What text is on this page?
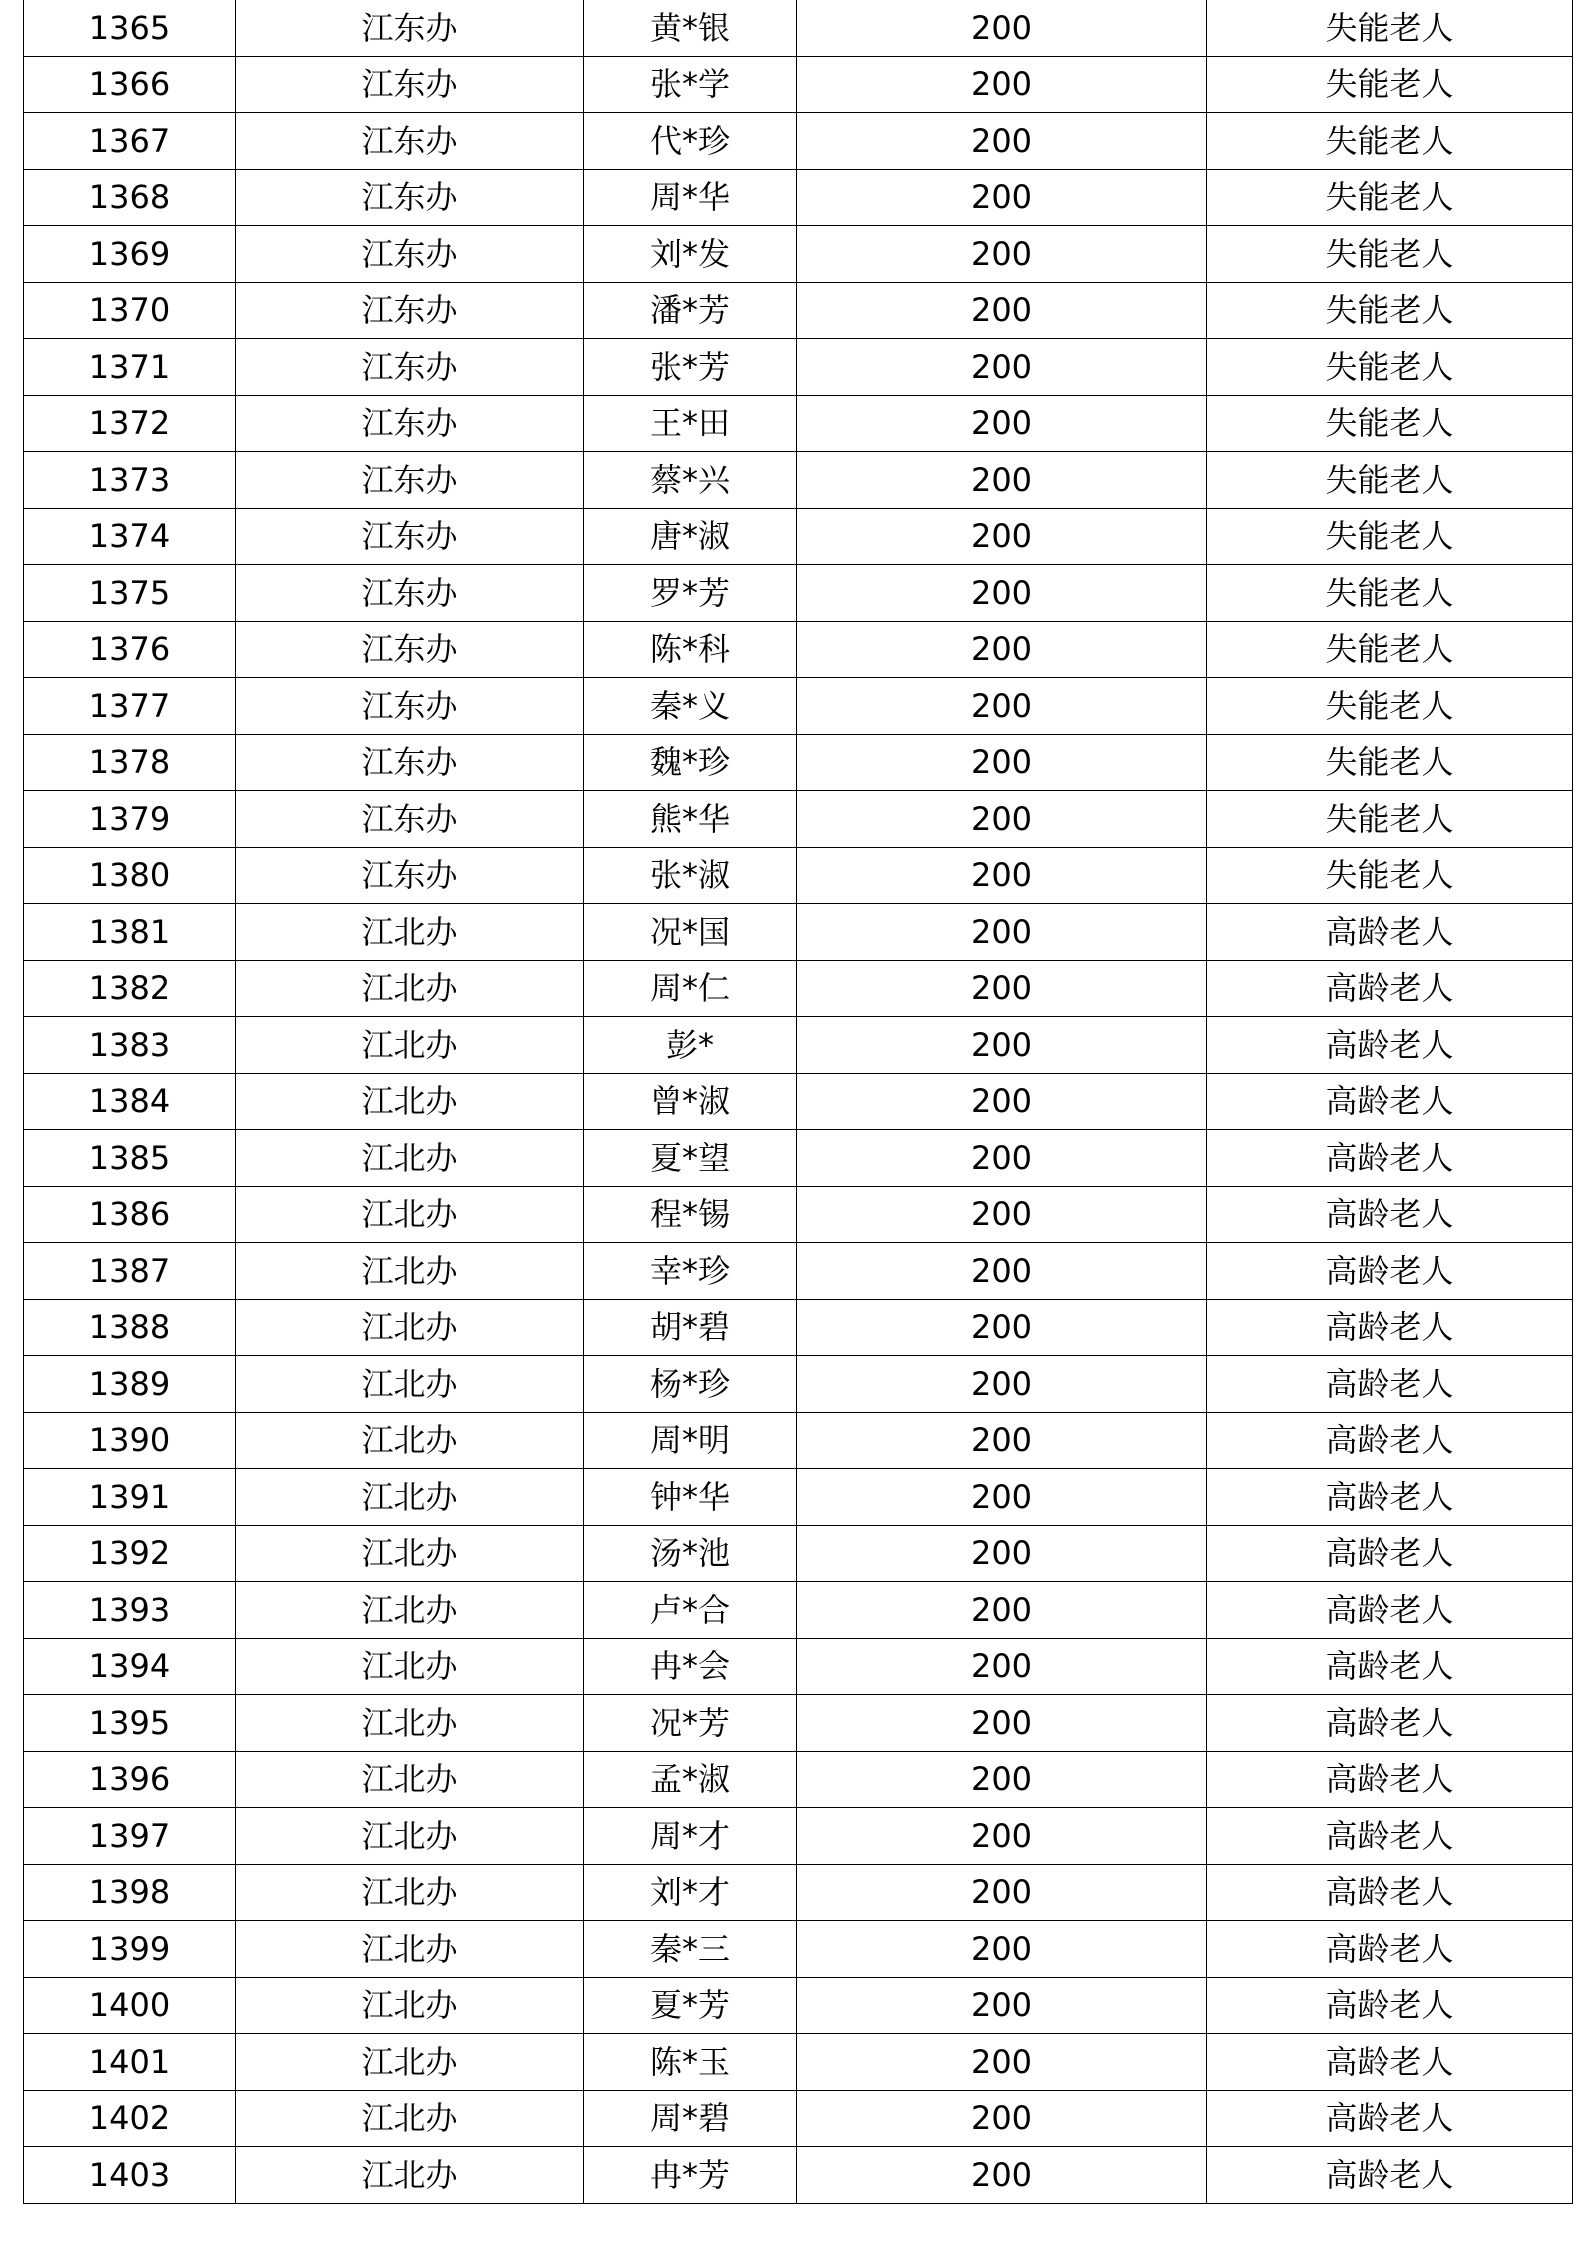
1365	江东办	黄*银	200	失能老人
1366	江东办	张*学	200	失能老人
1367	江东办	代*珍	200	失能老人
1368	江东办	周*华	200	失能老人
1369	江东办	刘*发	200	失能老人
1370	江东办	潘*芳	200	失能老人
1371	江东办	张*芳	200	失能老人
1372	江东办	王*田	200	失能老人
1373	江东办	蔡*兴	200	失能老人
1374	江东办	唐*淑	200	失能老人
1375	江东办	罗*芳	200	失能老人
1376	江东办	陈*科	200	失能老人
1377	江东办	秦*义	200	失能老人
1378	江东办	魏*珍	200	失能老人
1379	江东办	熊*华	200	失能老人
1380	江东办	张*淑	200	失能老人
1381	江北办	况*国	200	高龄老人
1382	江北办	周*仁	200	高龄老人
1383	江北办	彭*	200	高龄老人
1384	江北办	曾*淑	200	高龄老人
1385	江北办	夏*望	200	高龄老人
1386	江北办	程*锡	200	高龄老人
1387	江北办	幸*珍	200	高龄老人
1388	江北办	胡*碧	200	高龄老人
1389	江北办	杨*珍	200	高龄老人
1390	江北办	周*明	200	高龄老人
1391	江北办	钟*华	200	高龄老人
1392	江北办	汤*池	200	高龄老人
1393	江北办	卢*合	200	高龄老人
1394	江北办	冉*会	200	高龄老人
1395	江北办	况*芳	200	高龄老人
1396	江北办	孟*淑	200	高龄老人
1397	江北办	周*才	200	高龄老人
1398	江北办	刘*才	200	高龄老人
1399	江北办	秦*三	200	高龄老人
1400	江北办	夏*芳	200	高龄老人
1401	江北办	陈*玉	200	高龄老人
1402	江北办	周*碧	200	高龄老人
1403	江北办	冉*芳	200	高龄老人
